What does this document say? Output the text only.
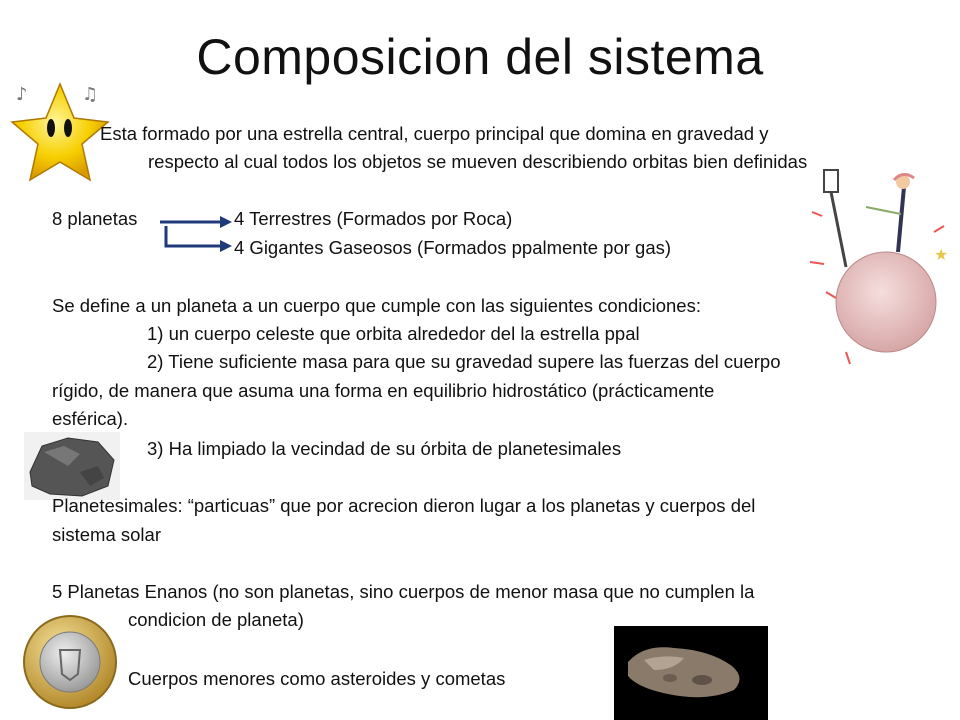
Composicion del sistema
♪	♫
Esta formado por una estrella central, cuerpo principal que domina en gravedad y
respecto al cual todos los objetos se mueven describiendo orbitas bien definidas
8 planetas	4 Terrestres (Formados por Roca)
4 Gigantes Gaseosos (Formados ppalmente por gas)	★
Se define a un planeta a un cuerpo que cumple con las siguientes condiciones:
1) un cuerpo celeste que orbita alrededor del la estrella ppal
2) Tiene suficiente masa para que su gravedad supere las fuerzas del cuerpo
rígido, de manera que asuma una forma en equilibrio hidrostático (prácticamente
esférica).
3) Ha limpiado la vecindad de su órbita de planetesimales
Planetesimales: “particuas” que por acrecion dieron lugar a los planetas y cuerpos del
sistema solar
5 Planetas Enanos (no son planetas, sino cuerpos de menor masa que no cumplen la
condicion de planeta)
Cuerpos menores como asteroides y cometas
